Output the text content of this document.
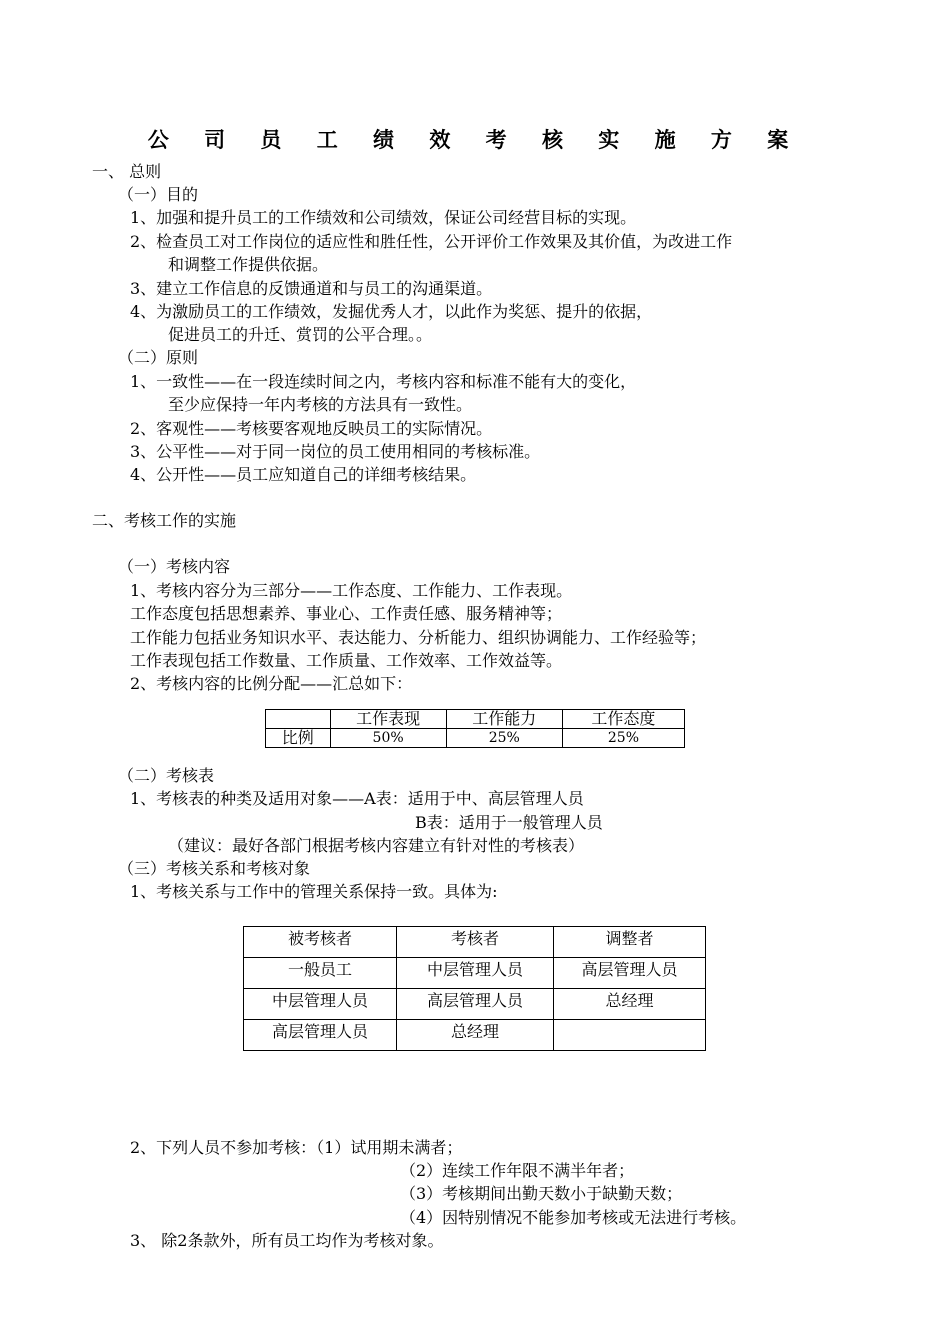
公 司 员 工 绩 效 考 核 实 施 方 案
一、 总则
（一）目的
1、加强和提升员工的工作绩效和公司绩效，保证公司经营目标的实现。
2、检查员工对工作岗位的适应性和胜任性，公开评价工作效果及其价值，为改进工作
和调整工作提供依据。
3、建立工作信息的反馈通道和与员工的沟通渠道。
4、为激励员工的工作绩效，发掘优秀人才，以此作为奖惩、提升的依据，
促进员工的升迁、赏罚的公平合理。。
（二）原则
1、一致性——在一段连续时间之内，考核内容和标准不能有大的变化，
至少应保持一年内考核的方法具有一致性。
2、客观性——考核要客观地反映员工的实际情况。
3、公平性——对于同一岗位的员工使用相同的考核标准。
4、公开性——员工应知道自己的详细考核结果。
二、考核工作的实施
（一）考核内容
1、考核内容分为三部分——工作态度、工作能力、工作表现。
工作态度包括思想素养、事业心、工作责任感、服务精神等；
工作能力包括业务知识水平、表达能力、分析能力、组织协调能力、工作经验等；
工作表现包括工作数量、工作质量、工作效率、工作效益等。
2、考核内容的比例分配——汇总如下：
	工作表现	工作能力	工作态度
比例	50%	25%	25%
（二）考核表
1、考核表的种类及适用对象——A表：适用于中、高层管理人员
B表：适用于一般管理人员
（建议：最好各部门根据考核内容建立有针对性的考核表）
（三）考核关系和考核对象
1、考核关系与工作中的管理关系保持一致。具体为:
被考核者	考核者	调整者
一般员工	中层管理人员	高层管理人员
中层管理人员	高层管理人员	总经理
高层管理人员	总经理	
2、下列人员不参加考核：（1）试用期未满者；
（2）连续工作年限不满半年者；
（3）考核期间出勤天数小于缺勤天数；
（4）因特别情况不能参加考核或无法进行考核。
3、 除2条款外，所有员工均作为考核对象。
